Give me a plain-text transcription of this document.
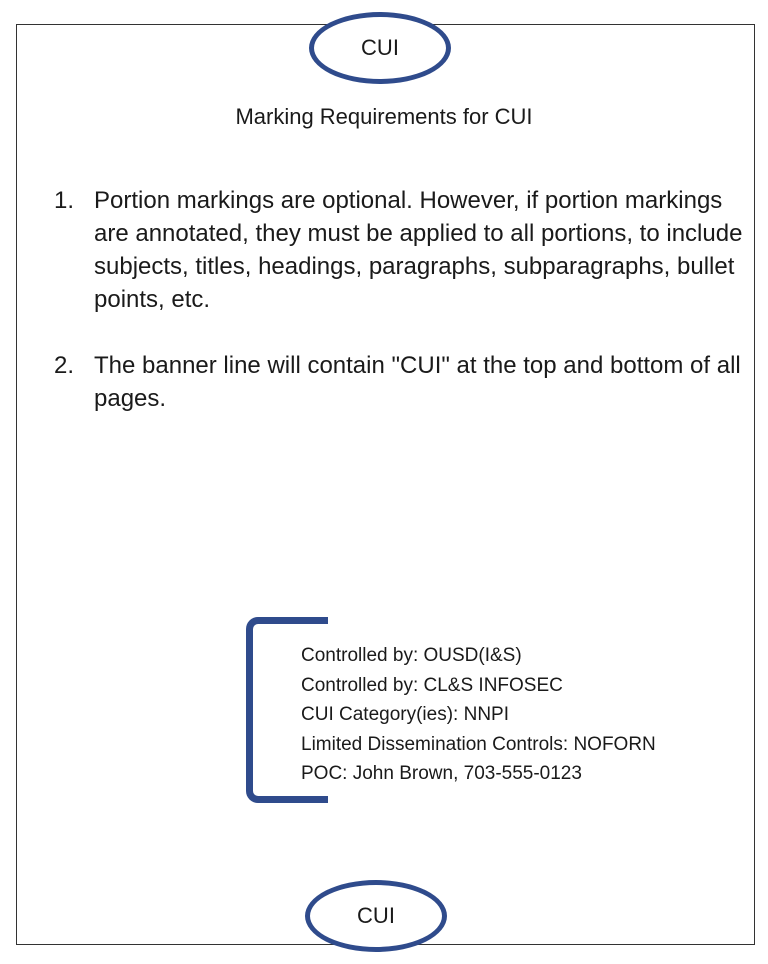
CUI
Marking Requirements for CUI
1. Portion markings are optional. However, if portion markings are annotated, they must be applied to all portions, to include subjects, titles, headings, paragraphs, subparagraphs, bullet points, etc.
2. The banner line will contain "CUI" at the top and bottom of all pages.
Controlled by: OUSD(I&S)
Controlled by: CL&S INFOSEC
CUI Category(ies): NNPI
Limited Dissemination Controls: NOFORN
POC: John Brown, 703-555-0123
CUI
